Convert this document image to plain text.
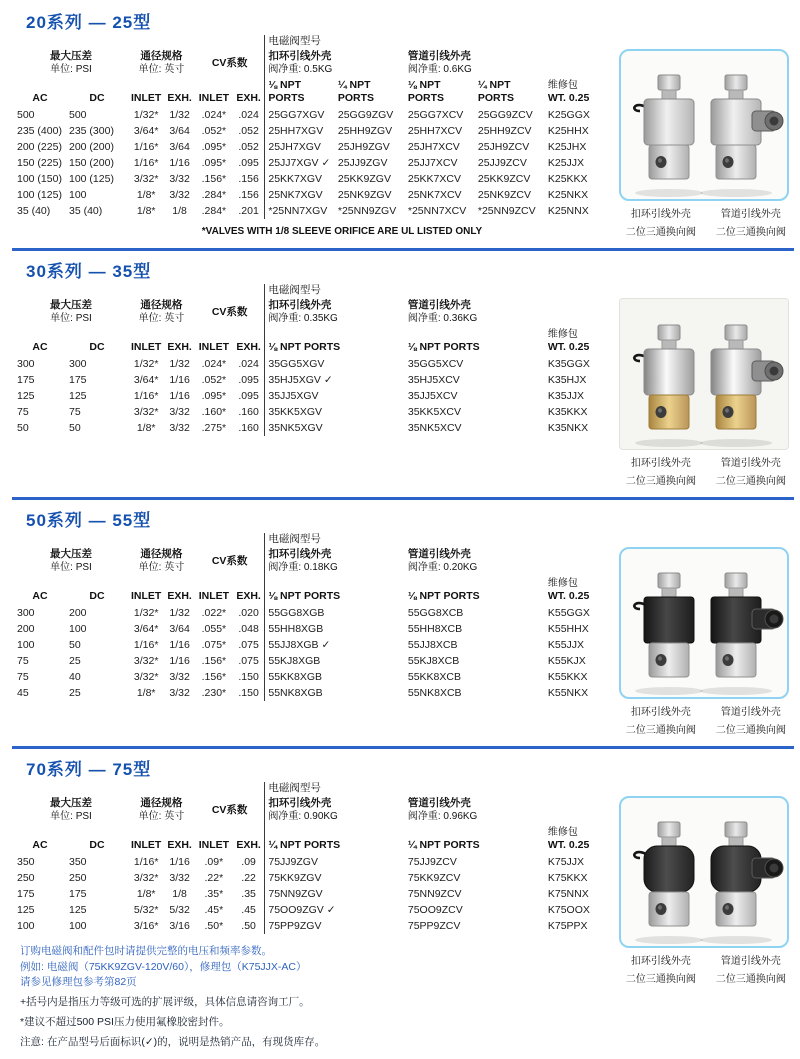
20系列 — 25型
						电磁阀型号				
最大压差
单位: PSI		通径规格
单位: 英寸		CV系数		扣环引线外壳
阀净重: 0.5KG		管道引线外壳
阀净重: 0.6KG		
AC	DC	INLET	EXH.	INLET	EXH.	⅛ NPT
PORTS	¼ NPT
PORTS	⅛ NPT
PORTS	¼ NPT
PORTS	维修包
WT. 0.25
500	500	1/32*	1/32	.024*	.024	25GG7XGV	25GG9ZGV	25GG7XCV	25GG9ZCV	K25GGX
235 (400)	235 (300)	3/64*	3/64	.052*	.052	25HH7XGV	25HH9ZGV	25HH7XCV	25HH9ZCV	K25HHX
200 (225)	200 (200)	1/16*	3/64	.095*	.052	25JH7XGV	25JH9ZGV	25JH7XCV	25JH9ZCV	K25JHX
150 (225)	150 (200)	1/16*	1/16	.095*	.095	25JJ7XGV ✓	25JJ9ZGV	25JJ7XCV	25JJ9ZCV	K25JJX
100 (150)	100 (125)	3/32*	3/32	.156*	.156	25KK7XGV	25KK9ZGV	25KK7XCV	25KK9ZCV	K25KKX
100 (125)	100	1/8*	3/32	.284*	.156	25NK7XGV	25NK9ZGV	25NK7XCV	25NK9ZCV	K25NKX
35 (40)	35 (40)	1/8*	1/8	.284*	.201	*25NN7XGV	*25NN9ZGV	*25NN7XCV	*25NN9ZCV	K25NNX
*VALVES WITH 1/8 SLEEVE ORIFICE ARE UL LISTED ONLY
扣环引线外壳
二位三通换向阀
管道引线外壳
二位三通换向阀
30系列 — 35型
						电磁阀型号		
最大压差
单位: PSI		通径规格
单位: 英寸		CV系数		扣环引线外壳
阀净重: 0.35KG	管道引线外壳
阀净重: 0.36KG	
AC	DC	INLET	EXH.	INLET	EXH.	⅛ NPT PORTS	⅛ NPT PORTS	维修包
WT. 0.25
300	300	1/32*	1/32	.024*	.024	35GG5XGV	35GG5XCV	K35GGX
175	175	3/64*	1/16	.052*	.095	35HJ5XGV ✓	35HJ5XCV	K35HJX
125	125	1/16*	1/16	.095*	.095	35JJ5XGV	35JJ5XCV	K35JJX
75	75	3/32*	3/32	.160*	.160	35KK5XGV	35KK5XCV	K35KKX
50	50	1/8*	3/32	.275*	.160	35NK5XGV	35NK5XCV	K35NKX
扣环引线外壳
二位三通换向阀
管道引线外壳
二位三通换向阀
50系列 — 55型
						电磁阀型号		
最大压差
单位: PSI		通径规格
单位: 英寸		CV系数		扣环引线外壳
阀净重: 0.18KG	管道引线外壳
阀净重: 0.20KG	
AC	DC	INLET	EXH.	INLET	EXH.	⅛ NPT PORTS	⅛ NPT PORTS	维修包
WT. 0.25
300	200	1/32*	1/32	.022*	.020	55GG8XGB	55GG8XCB	K55GGX
200	100	3/64*	3/64	.055*	.048	55HH8XGB	55HH8XCB	K55HHX
100	50	1/16*	1/16	.075*	.075	55JJ8XGB ✓	55JJ8XCB	K55JJX
75	25	3/32*	1/16	.156*	.075	55KJ8XGB	55KJ8XCB	K55KJX
75	40	3/32*	3/32	.156*	.150	55KK8XGB	55KK8XCB	K55KKX
45	25	1/8*	3/32	.230*	.150	55NK8XGB	55NK8XCB	K55NKX
扣环引线外壳
二位三通换向阀
管道引线外壳
二位三通换向阀
70系列 — 75型
						电磁阀型号		
最大压差
单位: PSI		通径规格
单位: 英寸		CV系数		扣环引线外壳
阀净重: 0.90KG	管道引线外壳
阀净重: 0.96KG	
AC	DC	INLET	EXH.	INLET	EXH.	¼ NPT PORTS	¼ NPT PORTS	维修包
WT. 0.25
350	350	1/16*	1/16	.09*	.09	75JJ9ZGV	75JJ9ZCV	K75JJX
250	250	3/32*	3/32	.22*	.22	75KK9ZGV	75KK9ZCV	K75KKX
175	175	1/8*	1/8	.35*	.35	75NN9ZGV	75NN9ZCV	K75NNX
125	125	5/32*	5/32	.45*	.45	75OO9ZGV ✓	75OO9ZCV	K75OOX
100	100	3/16*	3/16	.50*	.50	75PP9ZGV	75PP9ZCV	K75PPX
订购电磁阀和配件包时请提供完整的电压和频率参数。
例如: 电磁阀（75KK9ZGV-120V/60），修理包（K75JJX-AC）
请参见修理包参考第82页
+括号内是指压力等级可选的扩展评级，具体信息请咨询工厂。
*建议不超过500 PSI压力使用氟橡胶密封件。
注意: 在产品型号后面标识(✓)的，说明是热销产品，有现货库存。
扣环引线外壳
二位三通换向阀
管道引线外壳
二位三通换向阀
